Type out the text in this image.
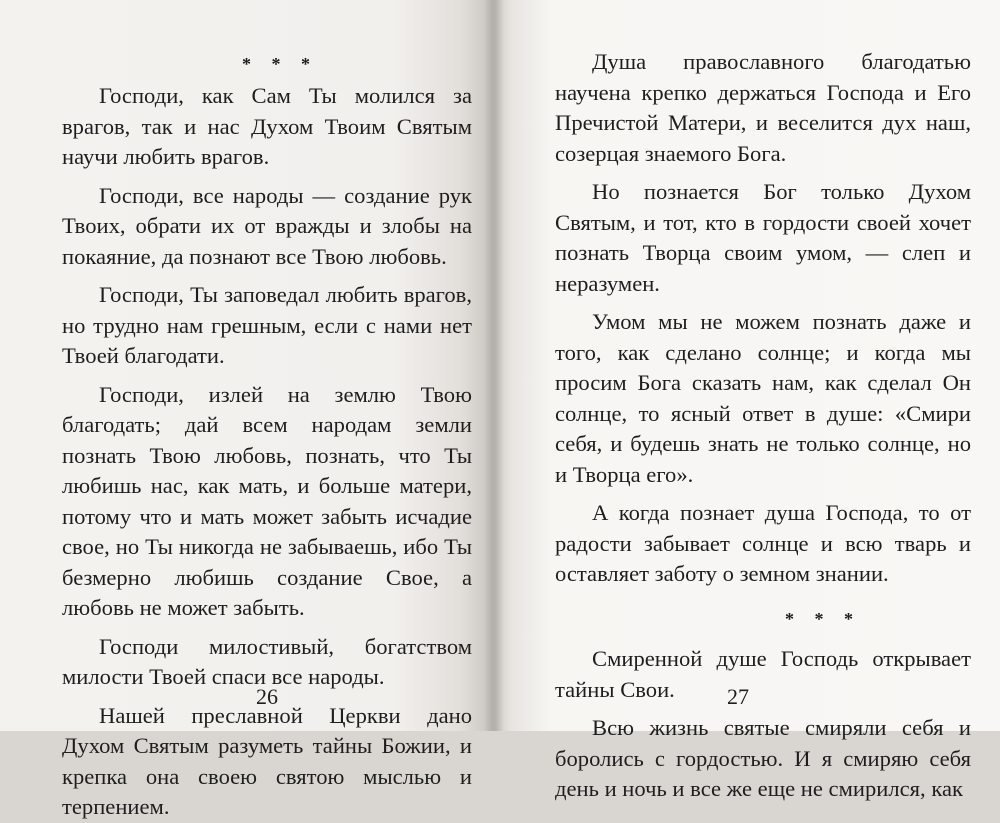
* * *

Господи, как Сам Ты молился за врагов, так и нас Духом Твоим Святым научи любить врагов.

Господи, все народы — создание рук Твоих, обрати их от вражды и злобы на покаяние, да познают все Твою любовь.

Господи, Ты заповедал любить врагов, но трудно нам грешным, если с нами нет Твоей благодати.

Господи, излей на землю Твою благодать; дай всем народам земли познать Твою любовь, познать, что Ты любишь нас, как мать, и больше матери, потому что и мать может забыть исчадие свое, но Ты никогда не забываешь, ибо Ты безмерно любишь создание Свое, а любовь не может забыть.

Господи милостивый, богатством милости Твоей спаси все народы.

Нашей преславной Церкви дано Духом Святым разуметь тайны Божии, и крепка она своею святою мыслью и терпением.

26

Душа православного благодатью научена крепко держаться Господа и Его Пречистой Матери, и веселится дух наш, созерцая знаемого Бога.

Но познается Бог только Духом Святым, и тот, кто в гордости своей хочет познать Творца своим умом, — слеп и неразумен.

Умом мы не можем познать даже и того, как сделано солнце; и когда мы просим Бога сказать нам, как сделал Он солнце, то ясный ответ в душе: «Смири себя, и будешь знать не только солнце, но и Творца его».

А когда познает душа Господа, то от радости забывает солнце и всю тварь и оставляет заботу о земном знании.

* * *

Смиренной душе Господь открывает тайны Свои.

Всю жизнь святые смиряли себя и боролись с гордостью. И я смиряю себя день и ночь и все же еще не смирился, как

27
